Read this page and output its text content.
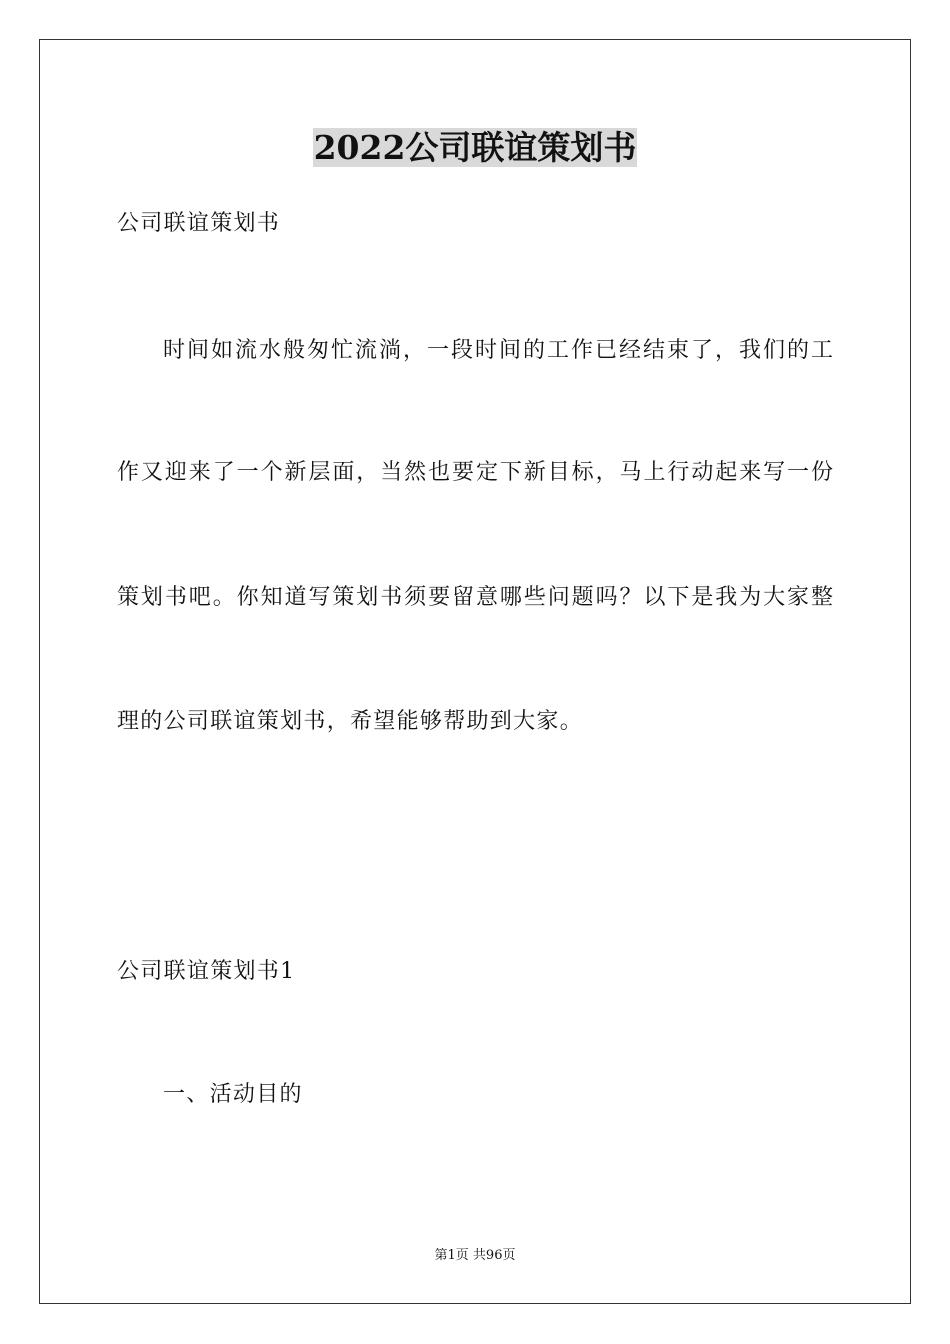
2022公司联谊策划书

公司联谊策划书

时间如流水般匆忙流淌，一段时间的工作已经结束了，我们的工

作又迎来了一个新层面，当然也要定下新目标，马上行动起来写一份

策划书吧。你知道写策划书须要留意哪些问题吗？以下是我为大家整

理的公司联谊策划书，希望能够帮助到大家。

公司联谊策划书1

一、活动目的

第1页 共96页
